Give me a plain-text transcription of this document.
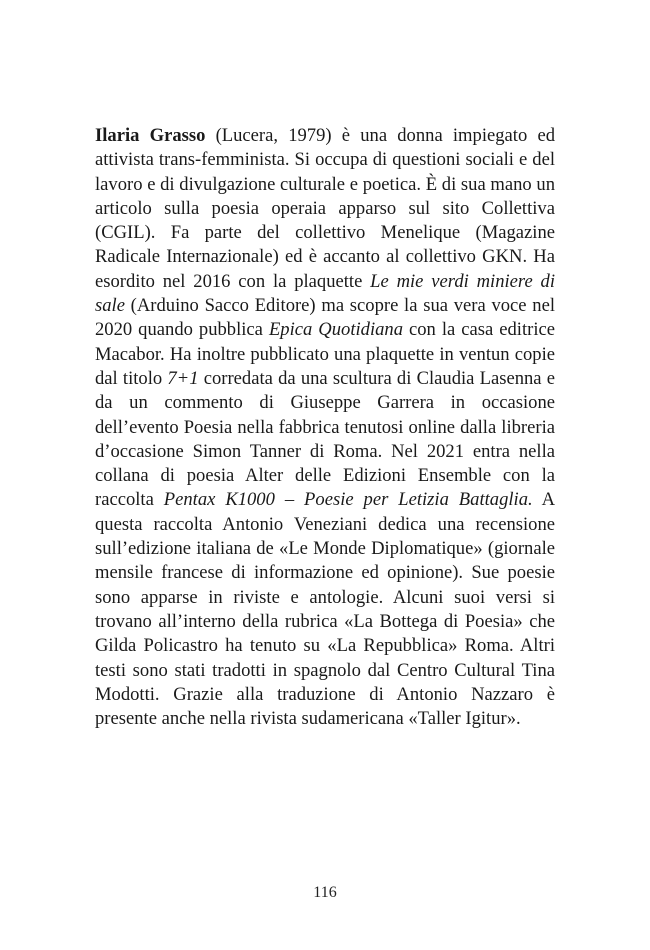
Ilaria Grasso (Lucera, 1979) è una donna impiegato ed attivista trans-femminista. Si occupa di questioni sociali e del lavoro e di divulgazione culturale e poetica. È di sua mano un articolo sulla poesia operaia apparso sul sito Collettiva (CGIL). Fa parte del collettivo Menelique (Magazine Radicale Internazionale) ed è accanto al collettivo GKN. Ha esordito nel 2016 con la plaquette Le mie verdi miniere di sale (Arduino Sacco Editore) ma scopre la sua vera voce nel 2020 quando pubblica Epica Quotidiana con la casa editrice Macabor. Ha inoltre pubblicato una plaquette in ventun copie dal titolo 7+1 corredata da una scultura di Claudia Lasenna e da un commento di Giuseppe Garrera in occasione dell’evento Poesia nella fabbrica tenutosi online dalla libreria d’occasione Simon Tanner di Roma. Nel 2021 entra nella collana di poesia Alter delle Edizioni Ensemble con la raccolta Pentax K1000 – Poesie per Letizia Battaglia. A questa raccolta Antonio Veneziani dedica una recensione sull’edizione italiana de «Le Monde Diplomatique» (giornale mensile francese di informazione ed opinione). Sue poesie sono apparse in riviste e antologie. Alcuni suoi versi si trovano all’interno della rubrica «La Bottega di Poesia» che Gilda Policastro ha tenuto su «La Repubblica» Roma. Altri testi sono stati tradotti in spagnolo dal Centro Cultural Tina Modotti. Grazie alla traduzione di Antonio Nazzaro è presente anche nella rivista sudamericana «Taller Igitur».

116
